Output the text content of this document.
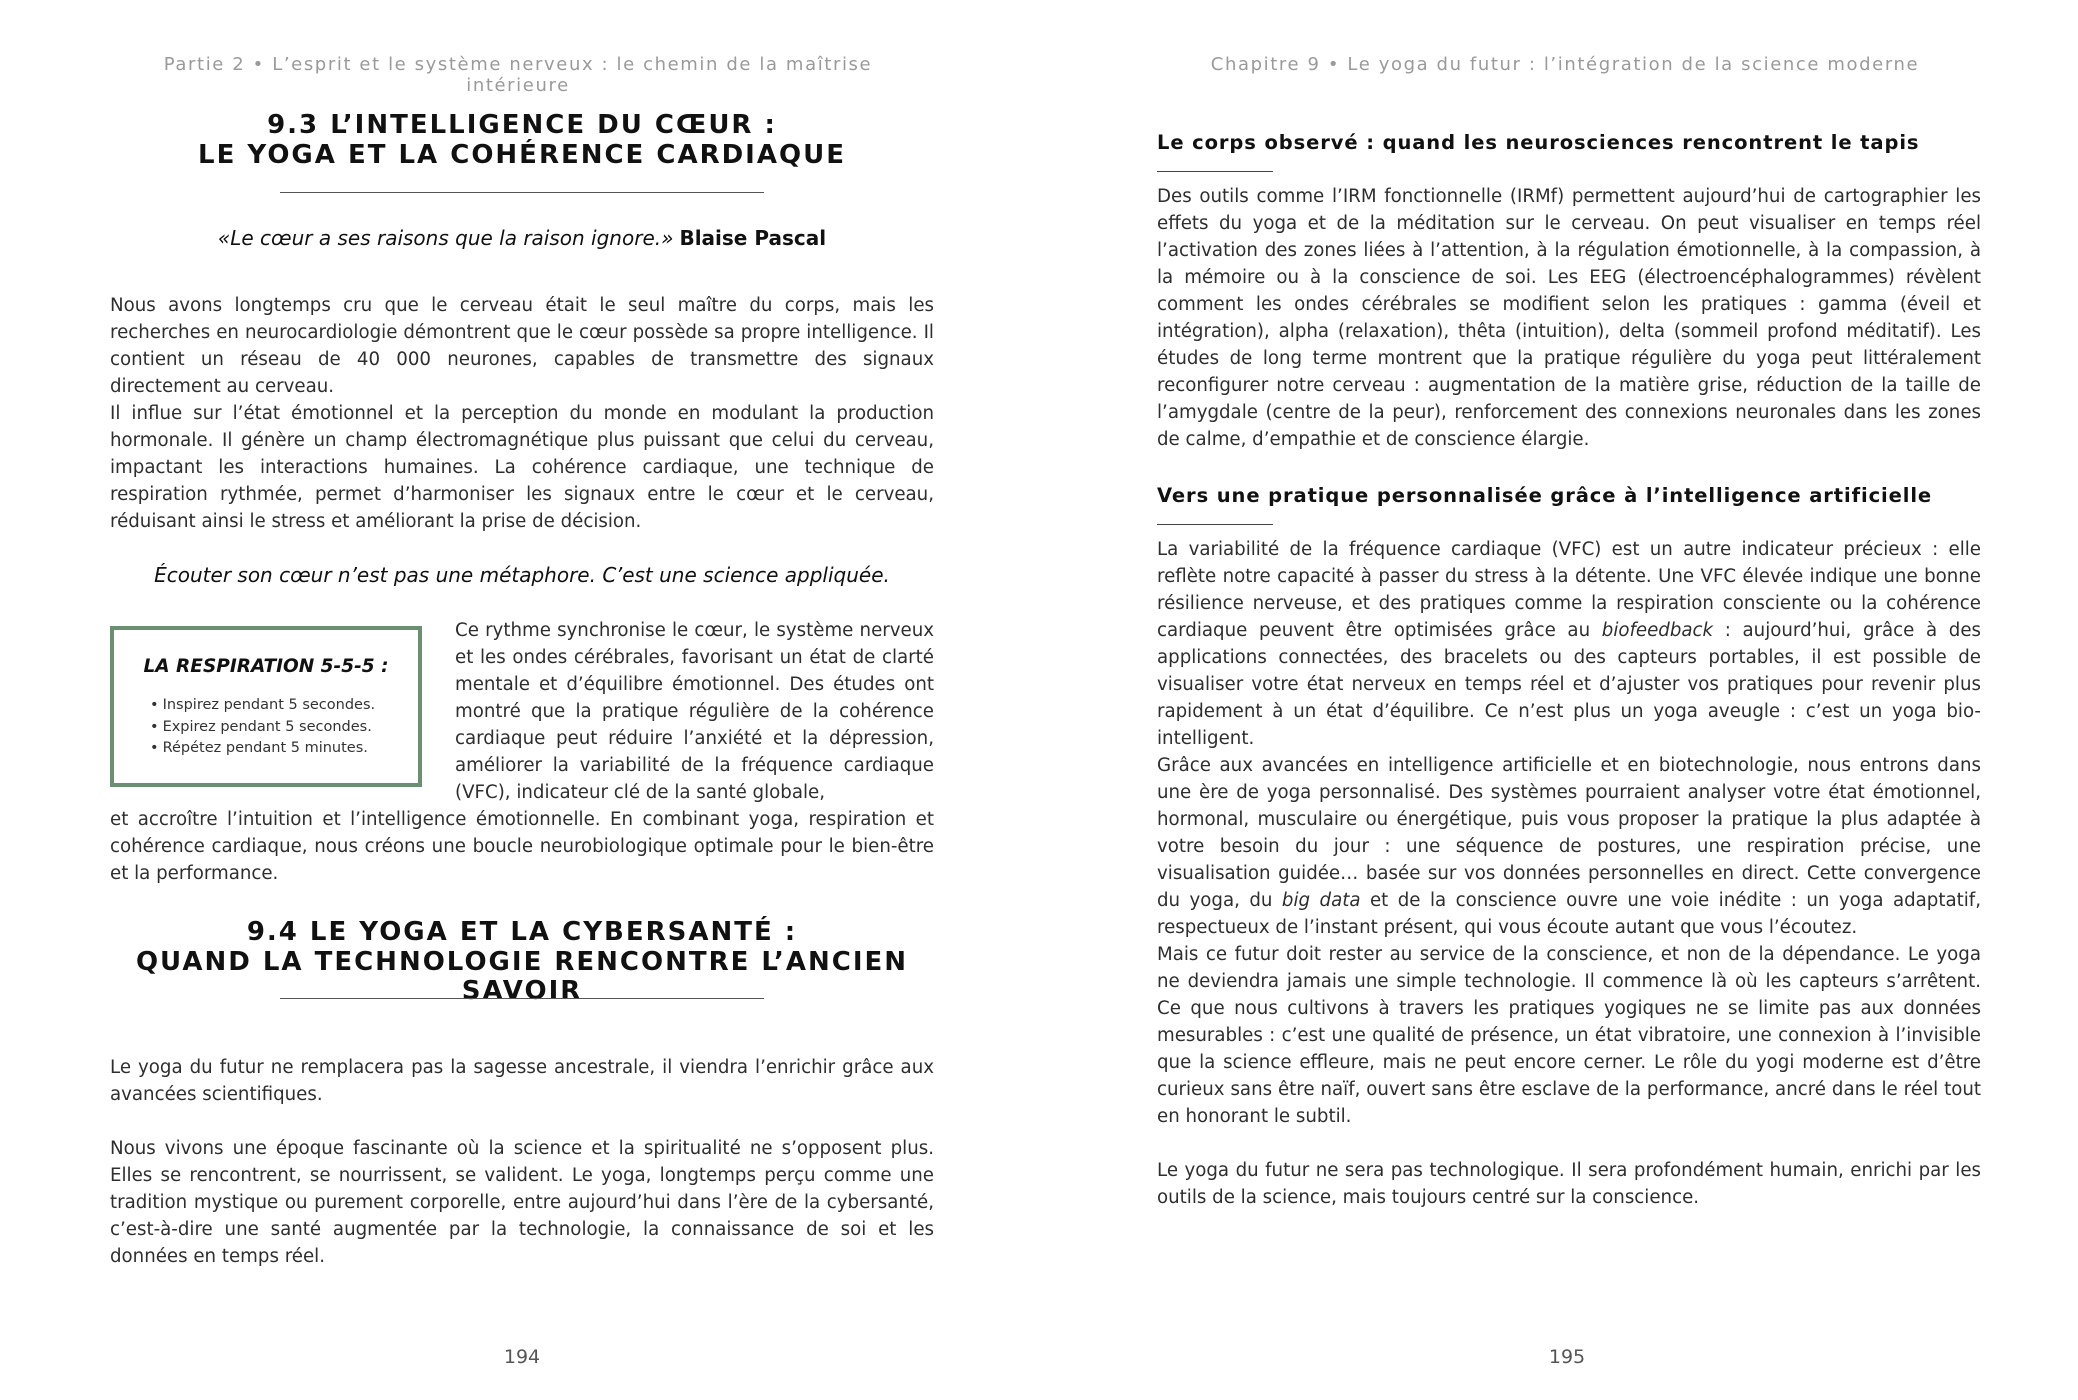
Partie 2 • L’esprit et le système nerveux : le chemin de la maîtrise intérieure
9.3 L’INTELLIGENCE DU CŒUR :
LE YOGA ET LA COHÉRENCE CARDIAQUE
«Le cœur a ses raisons que la raison ignore.» Blaise Pascal

Nous avons longtemps cru que le cerveau était le seul maître du corps, mais les recherches en neurocardiologie démontrent que le cœur possède sa propre intelligence. Il contient un réseau de 40 000 neurones, capables de transmettre des signaux directement au cerveau.

Il influe sur l’état émotionnel et la perception du monde en modulant la production hormonale. Il génère un champ électromagnétique plus puissant que celui du cerveau, impactant les interactions humaines. La cohérence cardiaque, une technique de respiration rythmée, permet d’harmoniser les signaux entre le cœur et le cerveau, réduisant ainsi le stress et améliorant la prise de décision.

Écouter son cœur n’est pas une métaphore. C’est une science appliquée.
LA RESPIRATION 5-5-5 :
• Inspirez pendant 5 secondes.
• Expirez pendant 5 secondes.
• Répétez pendant 5 minutes.
Ce rythme synchronise le cœur, le système nerveux et les ondes cérébrales, favorisant un état de clarté mentale et d’équilibre émotionnel. Des études ont montré que la pratique régulière de la cohérence cardiaque peut réduire l’anxiété et la dépression, améliorer la variabilité de la fréquence cardiaque (VFC), indicateur clé de la santé globale,

et accroître l’intuition et l’intelligence émotionnelle. En combinant yoga, respiration et cohérence cardiaque, nous créons une boucle neurobiologique optimale pour le bien-être et la performance.

9.4 LE YOGA ET LA CYBERSANTÉ :
QUAND LA TECHNOLOGIE RENCONTRE L’ANCIEN SAVOIR

Le yoga du futur ne remplacera pas la sagesse ancestrale, il viendra l’enrichir grâce aux avancées scientifiques.

Nous vivons une époque fascinante où la science et la spiritualité ne s’opposent plus. Elles se rencontrent, se nourrissent, se valident. Le yoga, longtemps perçu comme une tradition mystique ou purement corporelle, entre aujourd’hui dans l’ère de la cybersanté, c’est-à-dire une santé augmentée par la technologie, la connaissance de soi et les données en temps réel.

194
Chapitre 9 • Le yoga du futur : l’intégration de la science moderne
Le corps observé : quand les neurosciences rencontrent le tapis

Des outils comme l’IRM fonctionnelle (IRMf) permettent aujourd’hui de cartographier les effets du yoga et de la méditation sur le cerveau. On peut visualiser en temps réel l’activation des zones liées à l’attention, à la régulation émotionnelle, à la compassion, à la mémoire ou à la conscience de soi. Les EEG (électroencéphalogrammes) révèlent comment les ondes cérébrales se modifient selon les pratiques : gamma (éveil et intégration), alpha (relaxation), thêta (intuition), delta (sommeil profond méditatif). Les études de long terme montrent que la pratique régulière du yoga peut littéralement reconfigurer notre cerveau : augmentation de la matière grise, réduction de la taille de l’amygdale (centre de la peur), renforcement des connexions neuronales dans les zones de calme, d’empathie et de conscience élargie.

Vers une pratique personnalisée grâce à l’intelligence artificielle

La variabilité de la fréquence cardiaque (VFC) est un autre indicateur précieux : elle reflète notre capacité à passer du stress à la détente. Une VFC élevée indique une bonne résilience nerveuse, et des pratiques comme la respiration consciente ou la cohérence cardiaque peuvent être optimisées grâce au biofeedback : aujourd’hui, grâce à des applications connectées, des bracelets ou des capteurs portables, il est possible de visualiser votre état nerveux en temps réel et d’ajuster vos pratiques pour revenir plus rapidement à un état d’équilibre. Ce n’est plus un yoga aveugle : c’est un yoga bio-intelligent.

Grâce aux avancées en intelligence artificielle et en biotechnologie, nous entrons dans une ère de yoga personnalisé. Des systèmes pourraient analyser votre état émotionnel, hormonal, musculaire ou énergétique, puis vous proposer la pratique la plus adaptée à votre besoin du jour : une séquence de postures, une respiration précise, une visualisation guidée… basée sur vos données personnelles en direct. Cette convergence du yoga, du big data et de la conscience ouvre une voie inédite : un yoga adaptatif, respectueux de l’instant présent, qui vous écoute autant que vous l’écoutez.

Mais ce futur doit rester au service de la conscience, et non de la dépendance. Le yoga ne deviendra jamais une simple technologie. Il commence là où les capteurs s’arrêtent. Ce que nous cultivons à travers les pratiques yogiques ne se limite pas aux données mesurables : c’est une qualité de présence, un état vibratoire, une connexion à l’invisible que la science effleure, mais ne peut encore cerner. Le rôle du yogi moderne est d’être curieux sans être naïf, ouvert sans être esclave de la performance, ancré dans le réel tout en honorant le subtil.

Le yoga du futur ne sera pas technologique. Il sera profondément humain, enrichi par les outils de la science, mais toujours centré sur la conscience.

195
